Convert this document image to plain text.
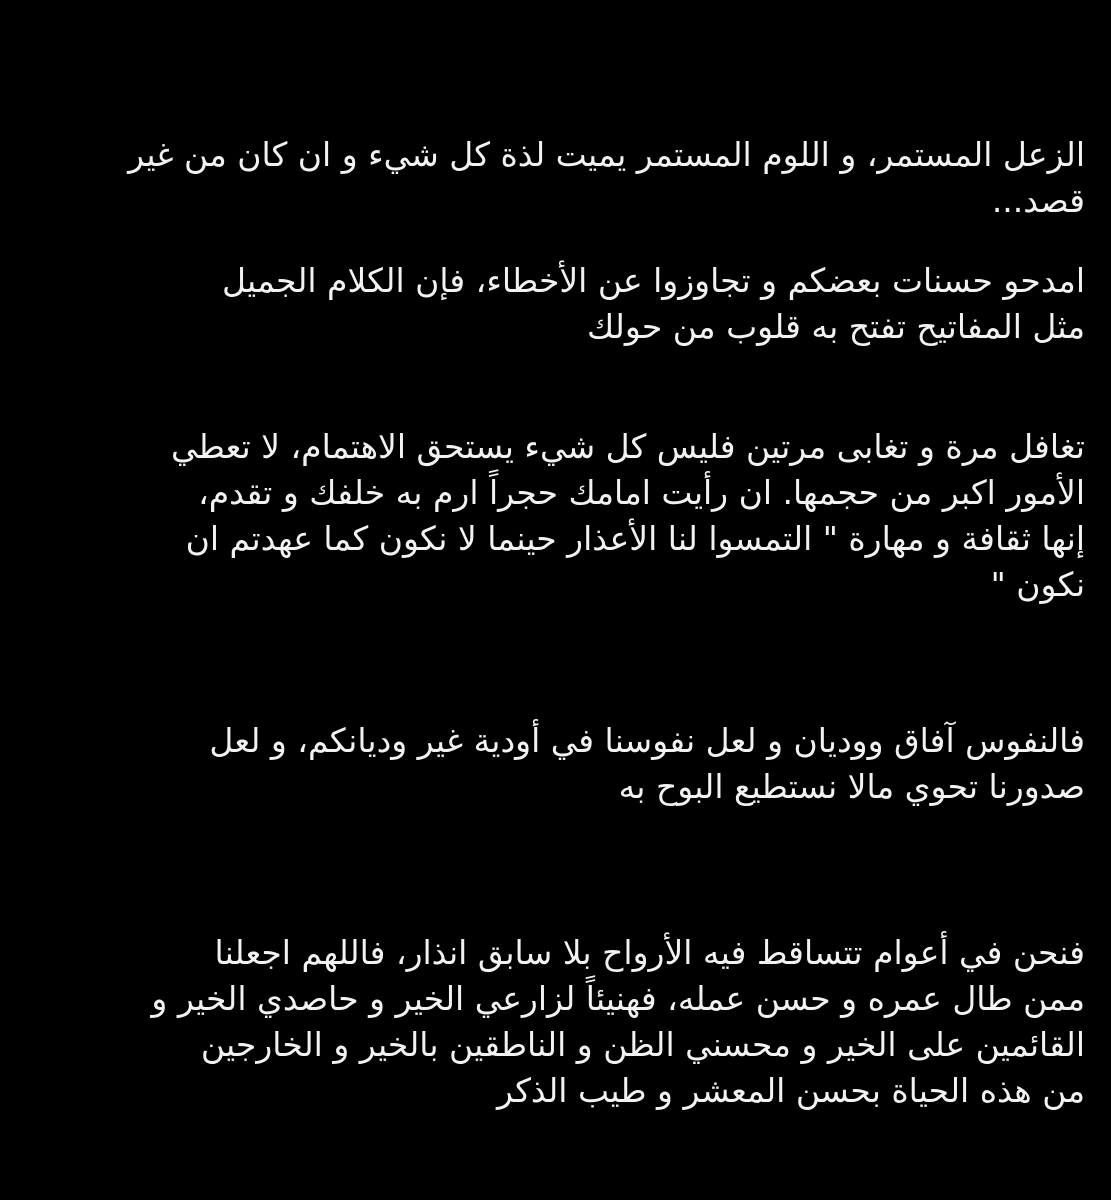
الزعل المستمر، و اللوم المستمر يميت لذة كل شيء و ان كان من غير
قصد...
امدحو حسنات بعضكم و تجاوزوا عن الأخطاء، فإن الكلام الجميل
مثل المفاتيح تفتح به قلوب من حولك
تغافل مرة و تغابى مرتين فليس كل شيء يستحق الاهتمام، لا تعطي
الأمور اكبر من حجمها. ان رأيت امامك حجراً ارم به خلفك و تقدم،
إنها ثقافة و مهارة " التمسوا لنا الأعذار حينما لا نكون كما عهدتم ان
نكون "
فالنفوس آفاق ووديان و لعل نفوسنا في أودية غير ودیانکم، و لعل
صدورنا تحوي مالا نستطيع البوح به
فنحن في أعوام تتساقط فيه الأرواح بلا سابق انذار، فاللهم اجعلنا
ممن طال عمره و حسن عمله، فهنيئاً لزارعي الخير و حاصدي الخير و
القائمين على الخير و محسني الظن و الناطقين بالخير و الخارجين
من هذه الحياة بحسن المعشر و طيب الذكر
